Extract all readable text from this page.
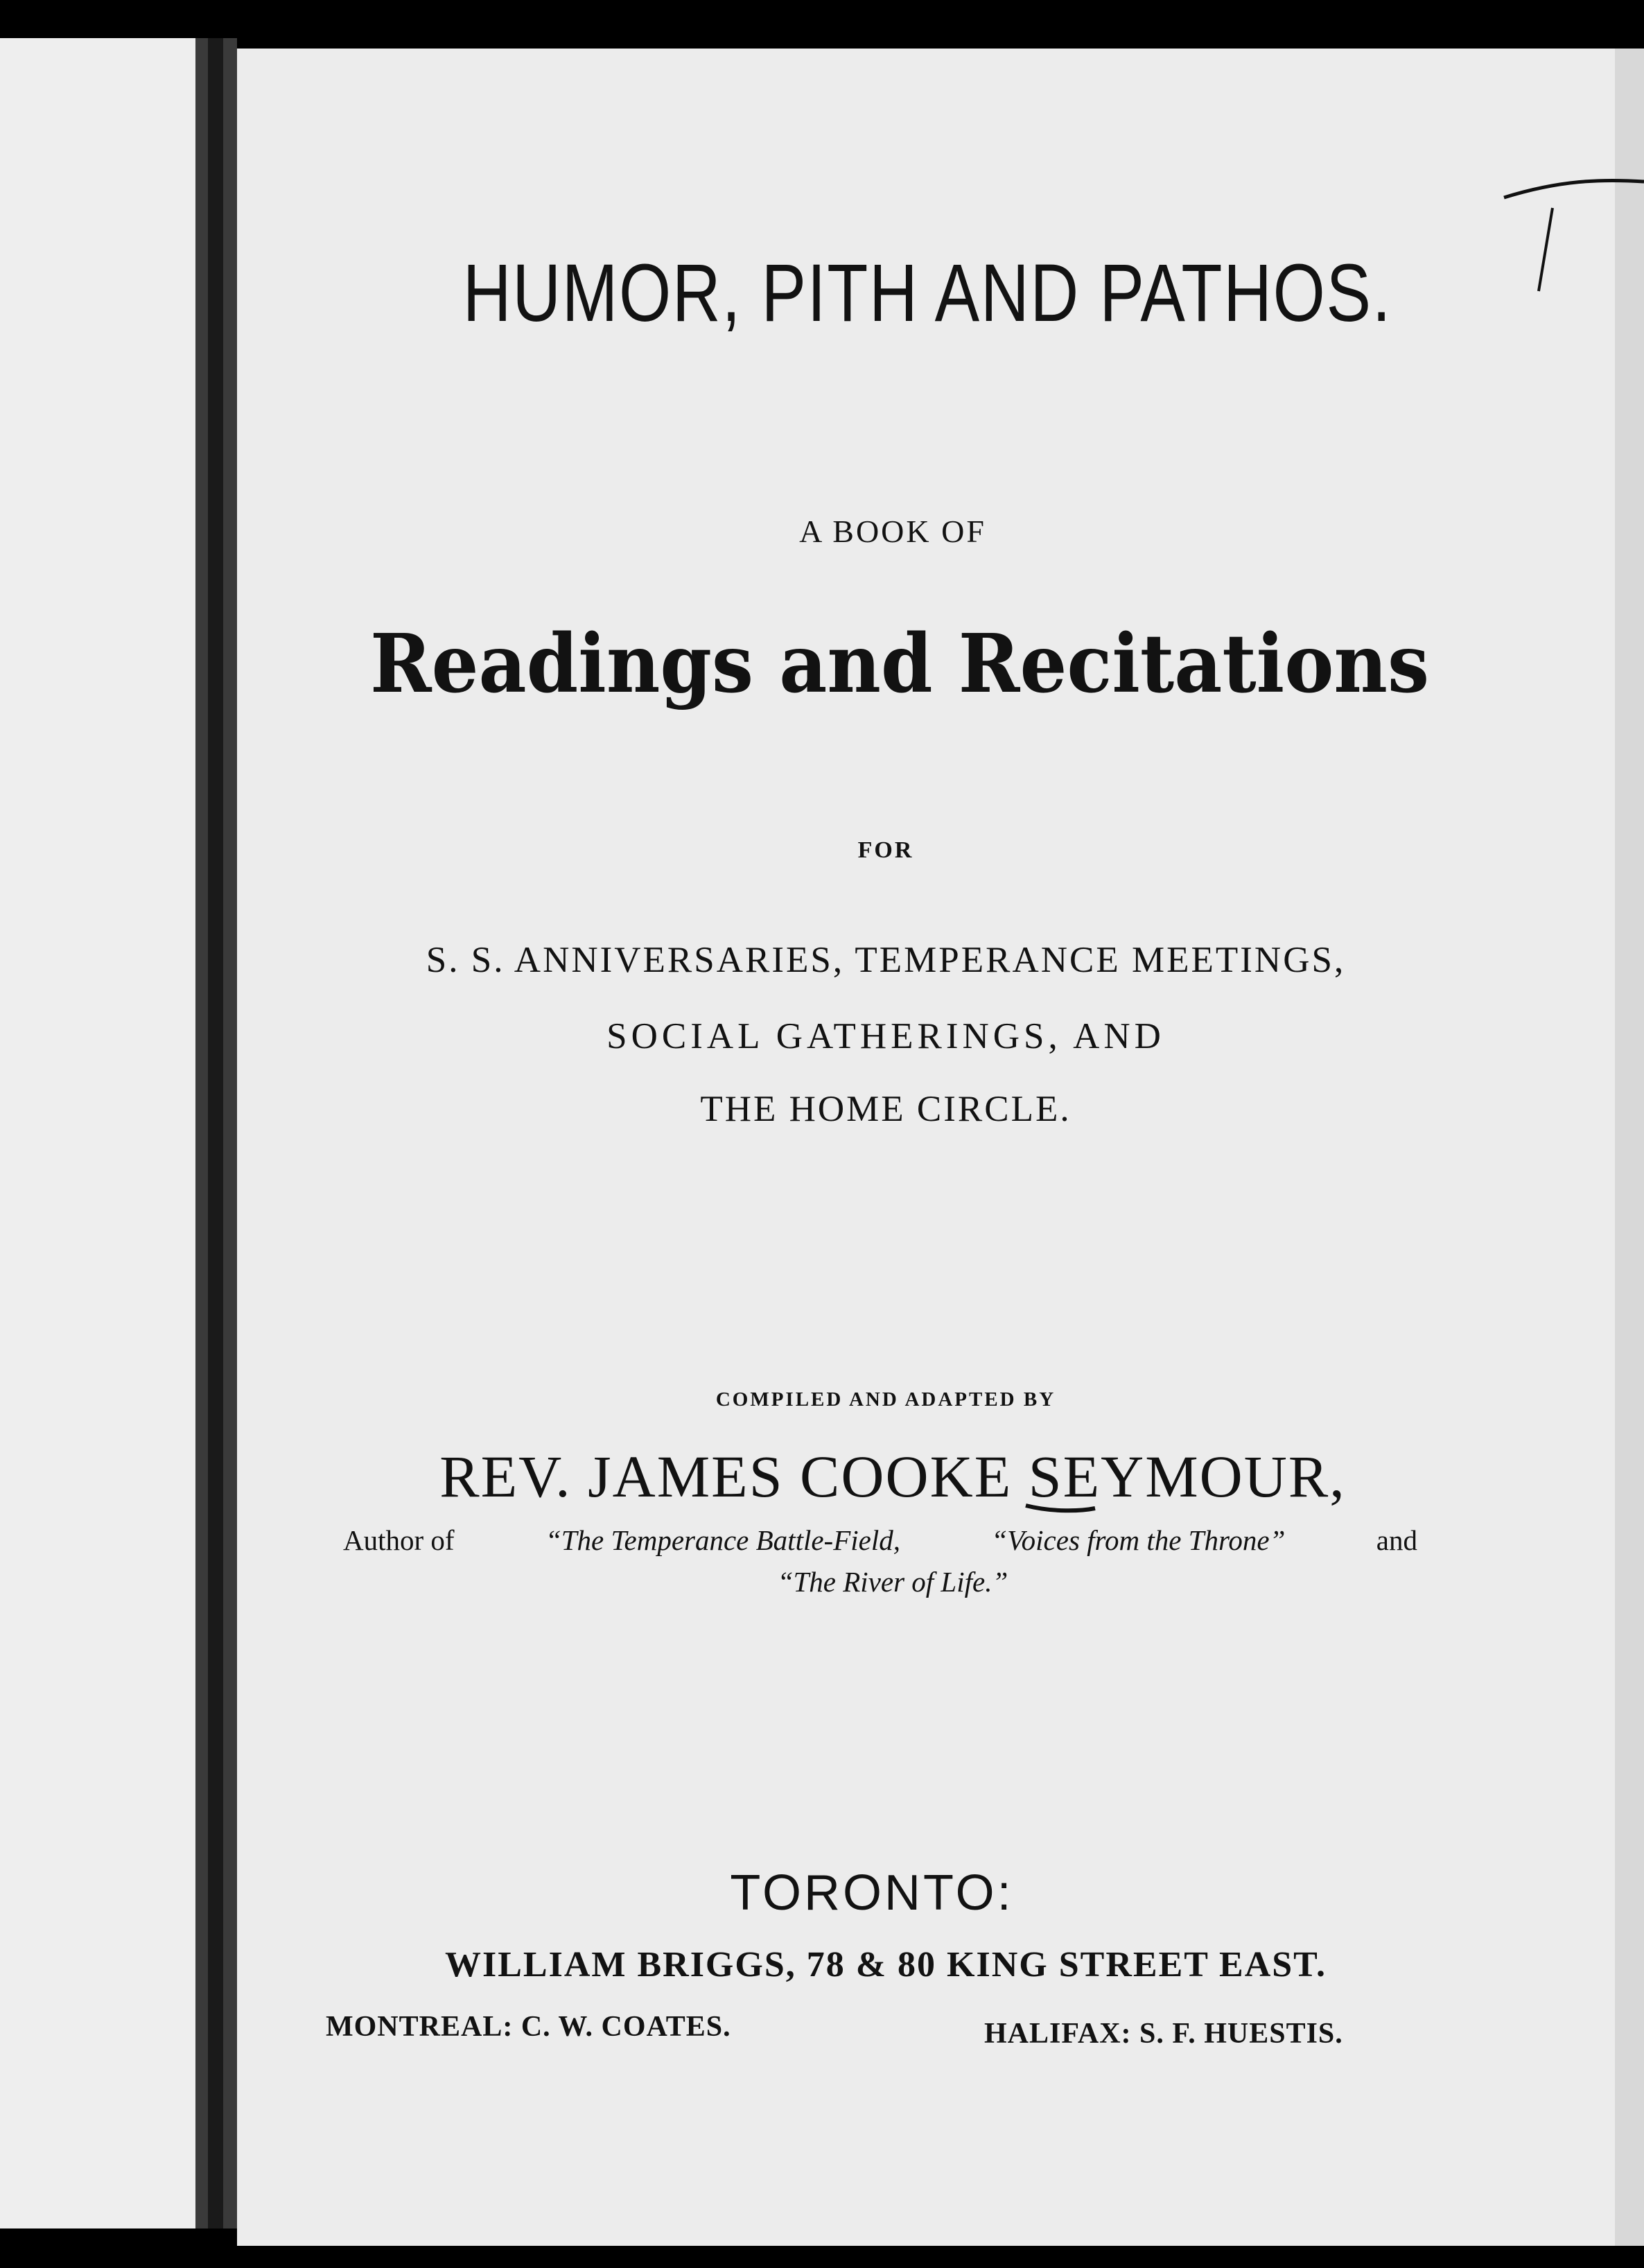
HUMOR, PITH AND PATHOS.
A BOOK OF
Readings and Recitations
FOR
S. S. ANNIVERSARIES, TEMPERANCE MEETINGS,
SOCIAL GATHERINGS, AND
THE HOME CIRCLE.
COMPILED AND ADAPTED BY
REV. JAMES COOKE SEYMOUR,
Author of	“The Temperance Battle-Field,	“Voices from the Throne”	and
“The River of Life.”
TORONTO:
WILLIAM BRIGGS, 78 & 80 KING STREET EAST.
MONTREAL: C. W. COATES.	HALIFAX: S. F. HUESTIS.
